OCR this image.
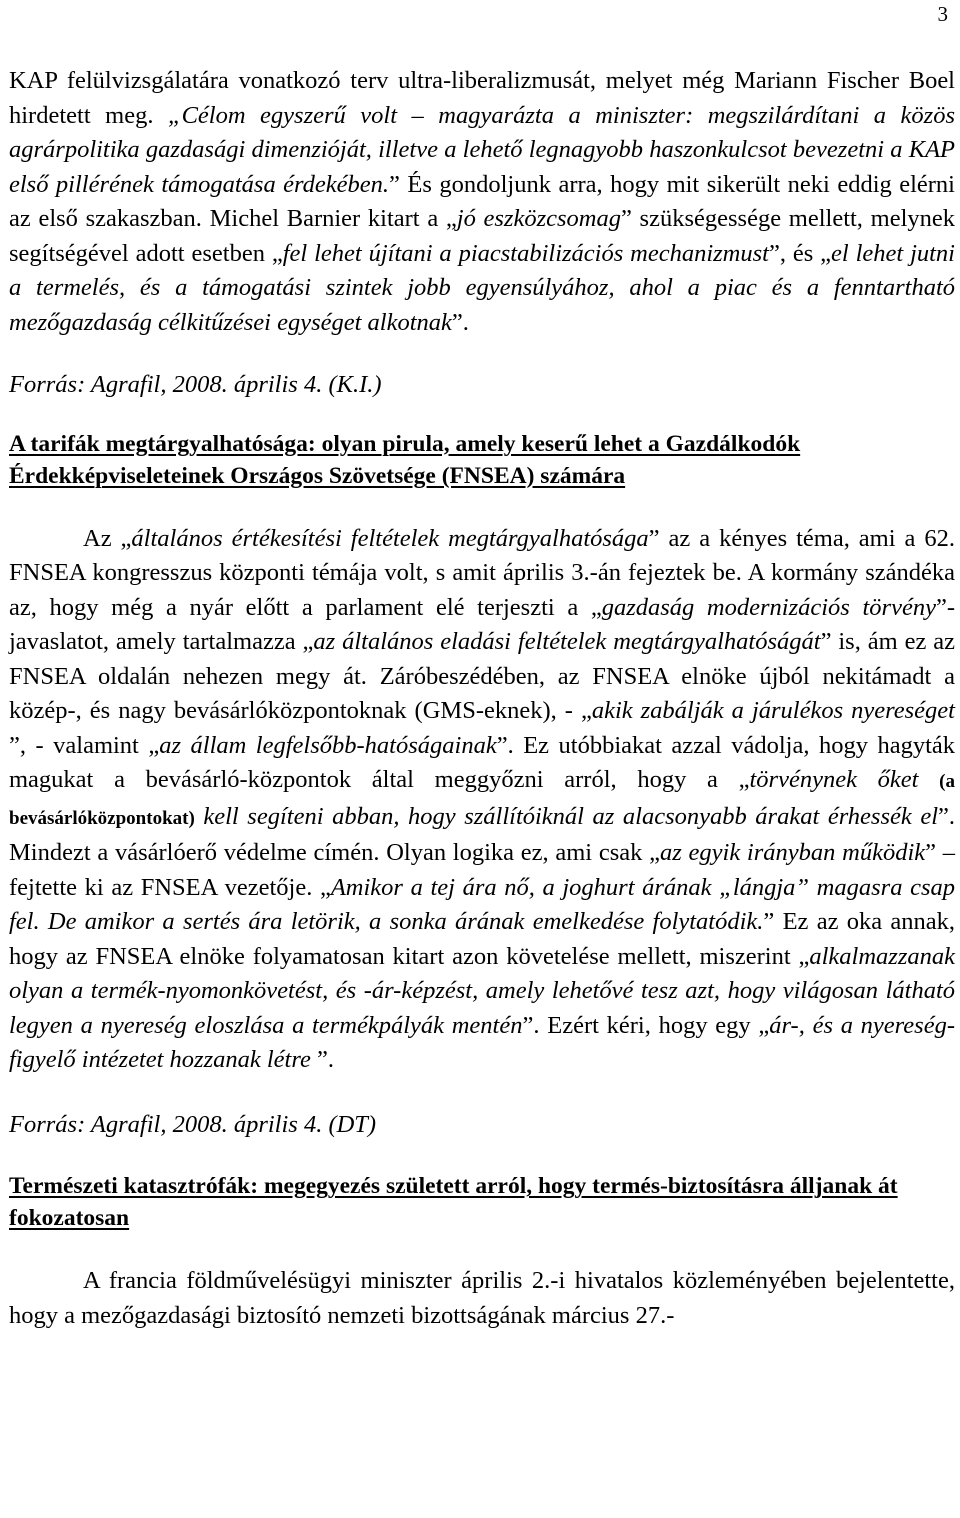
3

KAP felülvizsgálatára vonatkozó terv ultra-liberalizmusát, melyet még Mariann Fischer Boel hirdetett meg. „Célom egyszerű volt – magyarázta a miniszter: megszilárdítani a közös agrárpolitika gazdasági dimenzióját, illetve a lehető legnagyobb haszonkulcsot bevezetni a KAP első pillérének támogatása érdekében.” És gondoljunk arra, hogy mit sikerült neki eddig elérni az első szakaszban. Michel Barnier kitart a „jó eszközcsomag” szükségessége mellett, melynek segítségével adott esetben „fel lehet újítani a piacstabilizációs mechanizmust”, és „el lehet jutni a termelés, és a támogatási szintek jobb egyensúlyához, ahol a piac és a fenntartható mezőgazdaság célkitűzései egységet alkotnak”.

Forrás: Agrafil, 2008. április 4. (K.I.)

A tarifák megtárgyalhatósága: olyan pirula, amely keserű lehet a Gazdálkodók Érdekképviseleteinek Országos Szövetsége (FNSEA) számára

Az „általános értékesítési feltételek megtárgyalhatósága” az a kényes téma, ami a 62. FNSEA kongresszus központi témája volt, s amit április 3.-án fejeztek be. A kormány szándéka az, hogy még a nyár előtt a parlament elé terjeszti a „gazdaság modernizációs törvény”- javaslatot, amely tartalmazza „az általános eladási feltételek megtárgyalhatóságát” is, ám ez az FNSEA oldalán nehezen megy át. Záróbeszédében, az FNSEA elnöke újból nekitámadt a közép-, és nagy bevásárlóközpontoknak (GMS-eknek), - „akik zabálják a járulékos nyereséget ”, - valamint „az állam legfelsőbb-hatóságainak”. Ez utóbbiakat azzal vádolja, hogy hagyták magukat a bevásárló-központok által meggyőzni arról, hogy a „törvénynek őket (a bevásárlóközpontokat) kell segíteni abban, hogy szállítóiknál az alacsonyabb árakat érhessék el”. Mindezt a vásárlóerő védelme címén. Olyan logika ez, ami csak „az egyik irányban működik” – fejtette ki az FNSEA vezetője. „Amikor a tej ára nő, a joghurt árának „lángja” magasra csap fel. De amikor a sertés ára letörik, a sonka árának emelkedése folytatódik.” Ez az oka annak, hogy az FNSEA elnöke folyamatosan kitart azon követelése mellett, miszerint „alkalmazzanak olyan a termék-nyomonkövetést, és -ár-képzést, amely lehetővé tesz azt, hogy világosan látható legyen a nyereség eloszlása a termékpályák mentén”. Ezért kéri, hogy egy „ár-, és a nyereség-figyelő intézetet hozzanak létre ”.

Forrás: Agrafil, 2008. április 4. (DT)

Természeti katasztrófák: megegyezés született arról, hogy termés-biztosításra álljanak át fokozatosan

A francia földművelésügyi miniszter április 2.-i hivatalos közleményében bejelentette, hogy a mezőgazdasági biztosító nemzeti bizottságának március 27.-
